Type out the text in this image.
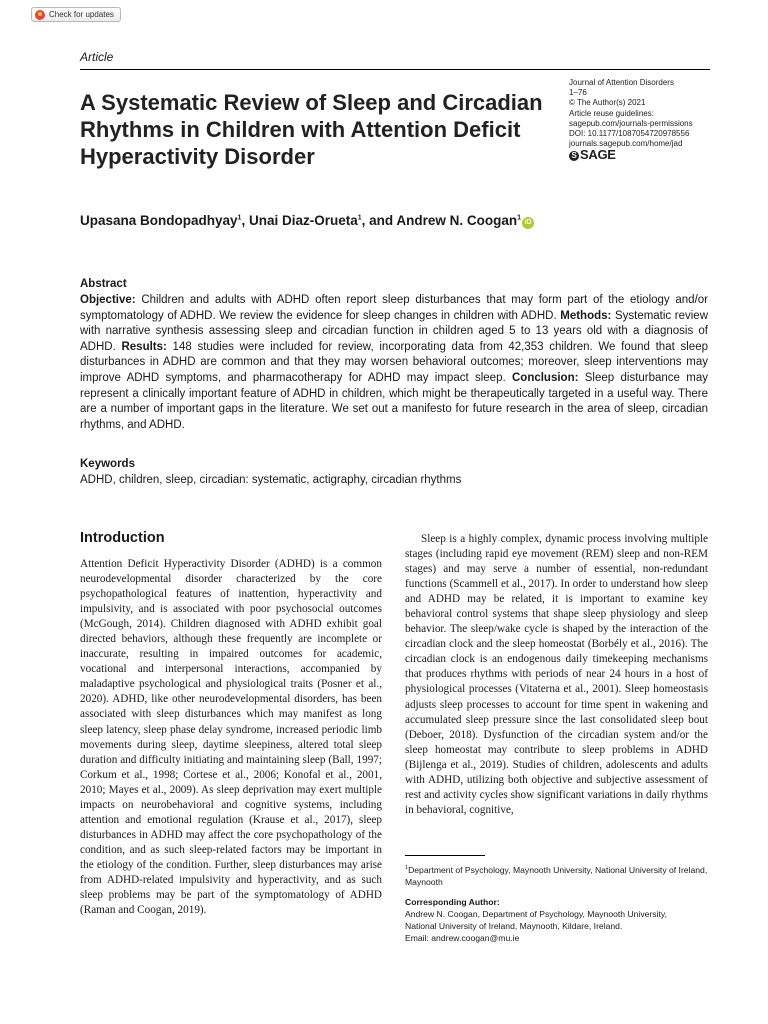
Check for updates
Article
A Systematic Review of Sleep and Circadian Rhythms in Children with Attention Deficit Hyperactivity Disorder
Journal of Attention Disorders
1–76
© The Author(s) 2021
Article reuse guidelines:
sagepub.com/journals-permissions
DOI: 10.1177/1087054720978556
journals.sagepub.com/home/jad
S SAGE
Upasana Bondopadhyay$^1$, Unai Diaz-Orueta$^1$, and Andrew N. Coogan$^1$iD
Abstract

Objective: Children and adults with ADHD often report sleep disturbances that may form part of the etiology and/or symptomatology of ADHD. We review the evidence for sleep changes in children with ADHD. Methods: Systematic review with narrative synthesis assessing sleep and circadian function in children aged 5 to 13 years old with a diagnosis of ADHD. Results: 148 studies were included for review, incorporating data from 42,353 children. We found that sleep disturbances in ADHD are common and that they may worsen behavioral outcomes; moreover, sleep interventions may improve ADHD symptoms, and pharmacotherapy for ADHD may impact sleep. Conclusion: Sleep disturbance may represent a clinically important feature of ADHD in children, which might be therapeutically targeted in a useful way. There are a number of important gaps in the literature. We set out a manifesto for future research in the area of sleep, circadian rhythms, and ADHD.

Keywords
ADHD, children, sleep, circadian: systematic, actigraphy, circadian rhythms
Introduction

Attention Deficit Hyperactivity Disorder (ADHD) is a common neurodevelopmental disorder characterized by the core psychopathological features of inattention, hyperactivity and impulsivity, and is associated with poor psychosocial outcomes (McGough, 2014). Children diagnosed with ADHD exhibit goal directed behaviors, although these frequently are incomplete or inaccurate, resulting in impaired outcomes for academic, vocational and interpersonal interactions, accompanied by maladaptive psychological and physiological traits (Posner et al., 2020). ADHD, like other neurodevelopmental disorders, has been associated with sleep disturbances which may manifest as long sleep latency, sleep phase delay syndrome, increased periodic limb movements during sleep, daytime sleepiness, altered total sleep duration and difficulty initiating and maintaining sleep (Ball, 1997; Corkum et al., 1998; Cortese et al., 2006; Konofal et al., 2001, 2010; Mayes et al., 2009). As sleep deprivation may exert multiple impacts on neurobehavioral and cognitive systems, including attention and emotional regulation (Krause et al., 2017), sleep disturbances in ADHD may affect the core psychopathology of the condition, and as such sleep-related factors may be important in the etiology of the condition. Further, sleep disturbances may arise from ADHD-related impulsivity and hyperactivity, and as such sleep problems may be part of the symptomatology of ADHD (Raman and Coogan, 2019).

Sleep is a highly complex, dynamic process involving multiple stages (including rapid eye movement (REM) sleep and non-REM stages) and may serve a number of essential, non-redundant functions (Scammell et al., 2017). In order to understand how sleep and ADHD may be related, it is important to examine key behavioral control systems that shape sleep physiology and sleep behavior. The sleep/wake cycle is shaped by the interaction of the circadian clock and the sleep homeostat (Borbély et al., 2016). The circadian clock is an endogenous daily timekeeping mechanisms that produces rhythms with periods of near 24 hours in a host of physiological processes (Vitaterna et al., 2001). Sleep homeostasis adjusts sleep processes to account for time spent in wakening and accumulated sleep pressure since the last consolidated sleep bout (Deboer, 2018). Dysfunction of the circadian system and/or the sleep homeostat may contribute to sleep problems in ADHD (Bijlenga et al., 2019). Studies of children, adolescents and adults with ADHD, utilizing both objective and subjective assessment of rest and activity cycles show significant variations in daily rhythms in behavioral, cognitive,

$^1$Department of Psychology, Maynooth University, National University of Ireland, Maynooth
Corresponding Author:
Andrew N. Coogan, Department of Psychology, Maynooth University,
National University of Ireland, Maynooth, Kildare, Ireland.
Email: andrew.coogan@mu.ie
